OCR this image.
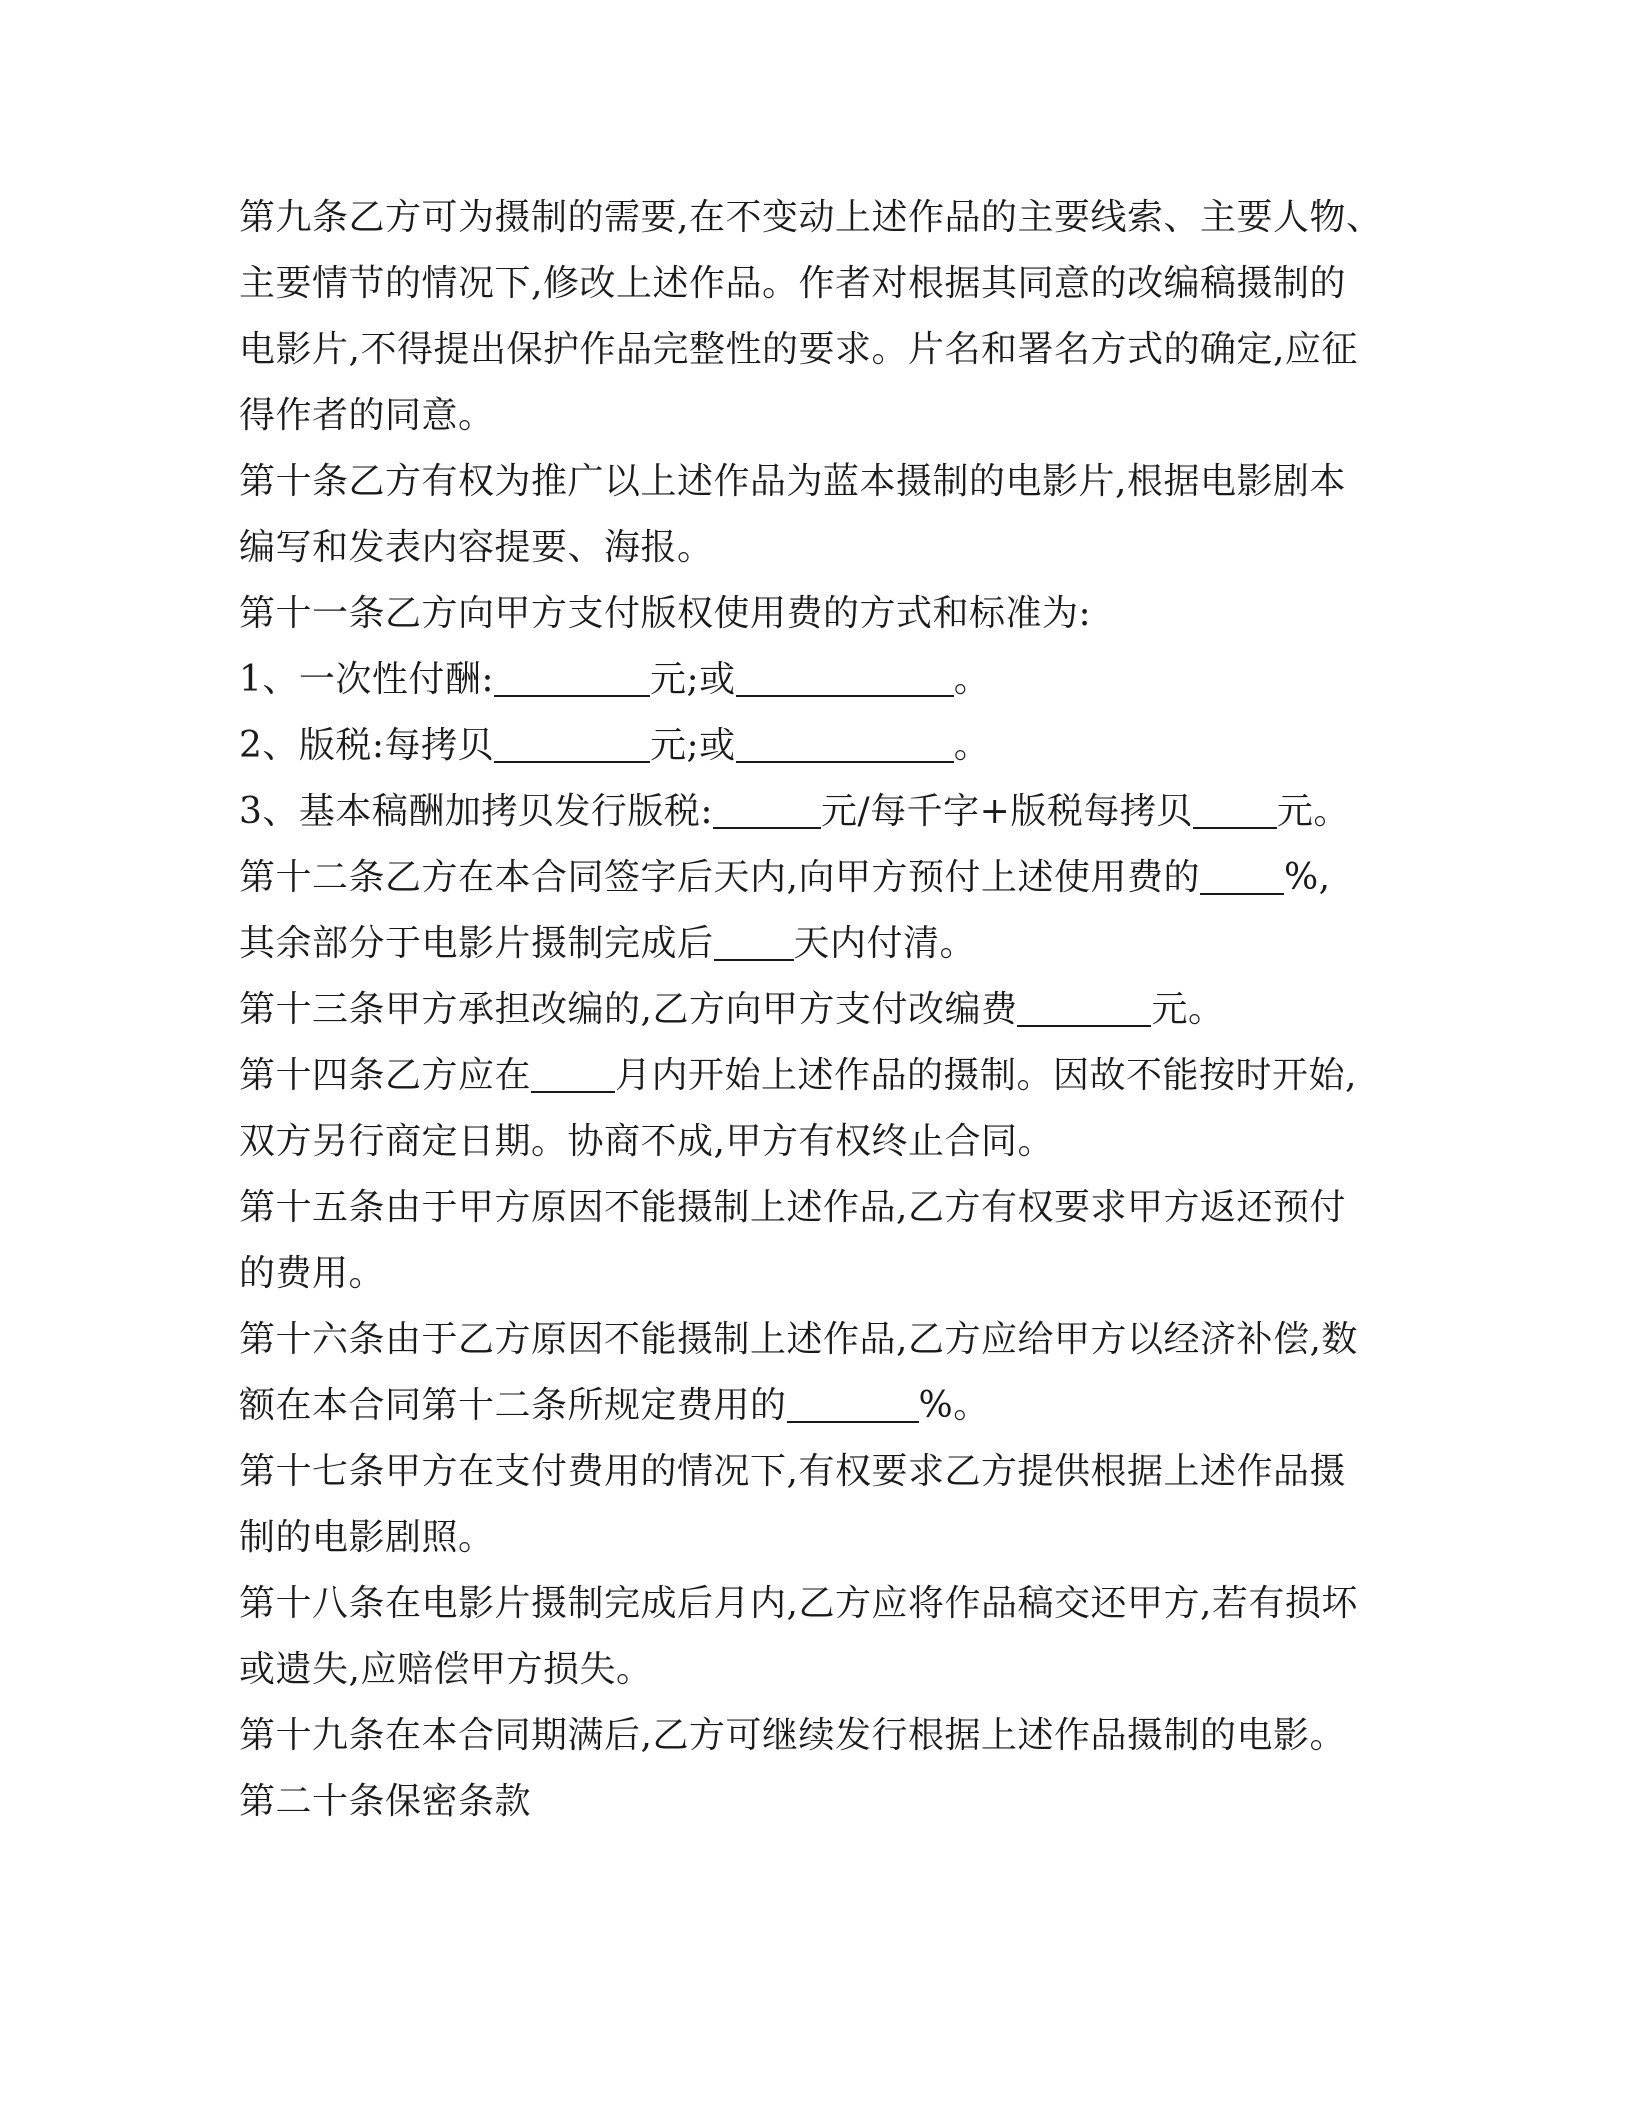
第九条乙方可为摄制的需要,在不变动上述作品的主要线索、主要人物、
主要情节的情况下,修改上述作品。作者对根据其同意的改编稿摄制的
电影片,不得提出保护作品完整性的要求。片名和署名方式的确定,应征
得作者的同意。
第十条乙方有权为推广以上述作品为蓝本摄制的电影片,根据电影剧本
编写和发表内容提要、海报。
第十一条乙方向甲方支付版权使用费的方式和标准为:
1、一次性付酬:	元;或	。
2、版税:每拷贝	元;或	。
3、基本稿酬加拷贝发行版税:	元/每千字+版税每拷贝 元。
第十二条乙方在本合同签字后天内,向甲方预付上述使用费的 %,
其余部分于电影片摄制完成后 天内付清。
第十三条甲方承担改编的,乙方向甲方支付改编费	元。
第十四条乙方应在 月内开始上述作品的摄制。因故不能按时开始,
双方另行商定日期。协商不成,甲方有权终止合同。
第十五条由于甲方原因不能摄制上述作品,乙方有权要求甲方返还预付
的费用。
第十六条由于乙方原因不能摄制上述作品,乙方应给甲方以经济补偿,数
额在本合同第十二条所规定费用的	%。
第十七条甲方在支付费用的情况下,有权要求乙方提供根据上述作品摄
制的电影剧照。
第十八条在电影片摄制完成后月内,乙方应将作品稿交还甲方,若有损坏
或遗失,应赔偿甲方损失。
第十九条在本合同期满后,乙方可继续发行根据上述作品摄制的电影。
第二十条保密条款
